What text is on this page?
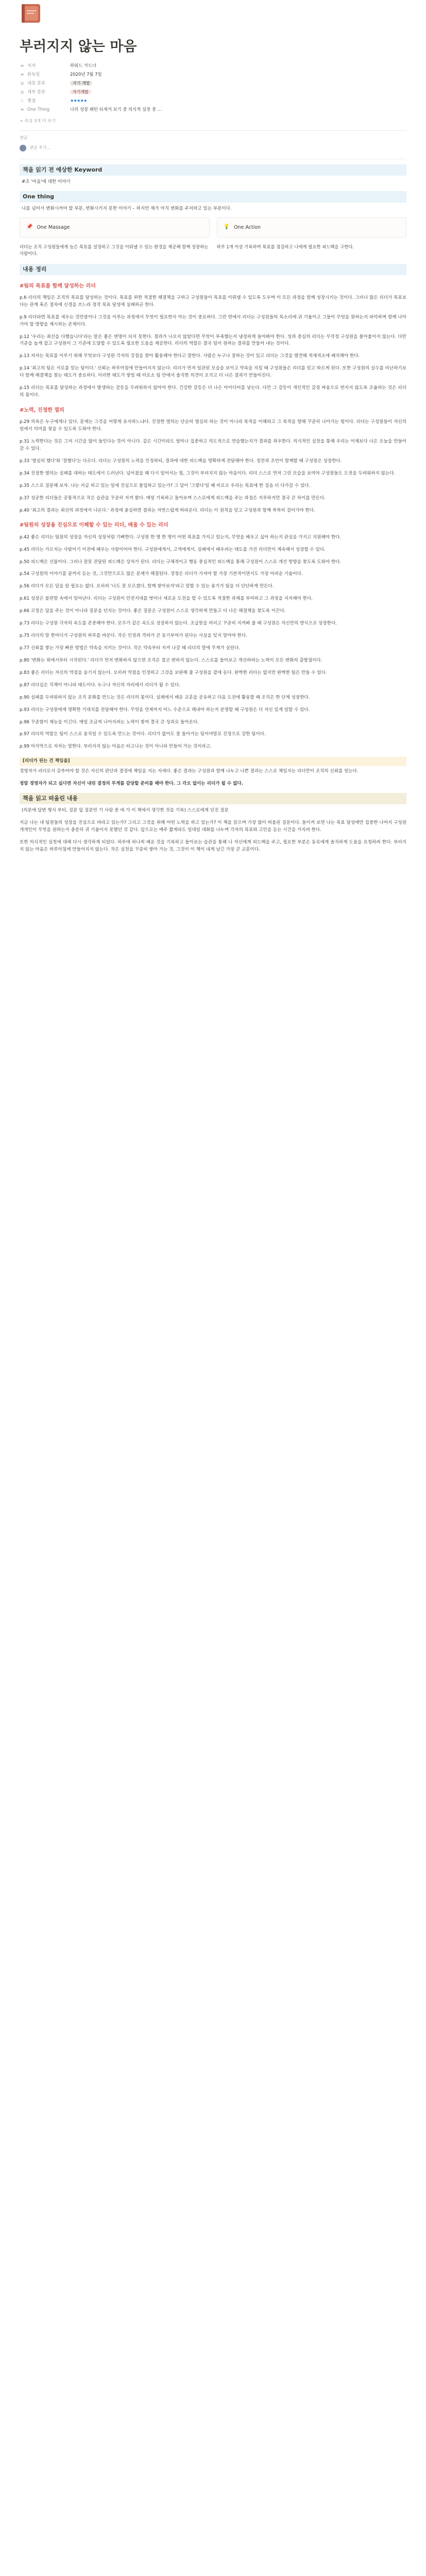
부러지지 않는 마음
≡ 저자	하워드 가드너
≡ 완독일	2020년 7월 7일
◎ 대표 분류	자기 계발
◎ 세부 분류	자기계발
☆ 별점	★★★★★
≡ One Thing	나의 성장 패턴 되새겨 보기 중 의식적 실천 중 ...
+ 속성 3개 더 보기
댓글
댓글 추가...
책을 읽기 전 예상한 Keyword
#조 '마음'에 대한 이야기
One thing
나를 넘어서 변화시켜야 할 부분, 변화시키지 못한 이야기 – 하지만 제가 아직 변화를 주저하고 있는 부분이다.
📌 One Massage	💡 One Action
리더는 조직 구성원들에게 높은 목표를 설정하고 그것을 이뤄낼 수 있는 환경을 제공해 함께 성장하는 사람이다.
하루 1개 이상 기록하며 목표를 점검하고 나에게 필요한 피드백을 구한다.
내용 정리
#팀의 목표를 함께 달성하는 리더

p.6 리더의 책임은 조직의 목표를 달성하는 것이다. 목표를 위한 적절한 해결책을 구하고 구성원들이 목표를 이뤄낼 수 있도록 도우며 이 모든 과정을 함께 성장시키는 것이다. 그러나 많은 리더가 목표보다는 관계 혹은 절차에 신경을 쓰느라 정작 목표 달성에 실패하곤 한다.

p.9 리더라면 목표를 세우는 것만큼이나 그것을 이루는 과정에서 무엇이 필요한지 아는 것이 중요하다. 그런 면에서 리더는 구성원들의 목소리에 귀 기울이고 그들이 무엇을 원하는지 파악하며 함께 나아가야 할 방향을 제시하는 존재이다.

p.12 '우리는 최선을 다했습니다'라는 말은 좋은 변명이 되지 못한다. 결과가 나오지 않았다면 무엇이 부족했는지 냉정하게 돌아봐야 한다. 성과 중심의 리더는 무작정 구성원을 몰아붙이지 않는다. 다만 기준을 높게 잡고 구성원이 그 기준에 도달할 수 있도록 필요한 도움을 제공한다. 리더의 역할은 결국 팀이 원하는 결과를 만들어 내는 것이다.

p.13 저자는 목표를 이루기 위해 무엇보다 구성원 각자의 강점을 찾아 활용해야 한다고 말한다. 사람은 누구나 잘하는 것이 있고 리더는 그것을 발견해 적재적소에 배치해야 한다.

p.14 '최고의 팀은 서로를 믿는 팀이다.' 신뢰는 하루아침에 만들어지지 않는다. 리더가 먼저 일관된 모습을 보이고 약속을 지킬 때 구성원들은 리더를 믿고 따르게 된다. 또한 구성원의 실수를 비난하기보다 함께 해결책을 찾는 태도가 중요하다. 이러한 태도가 쌓일 때 비로소 팀 안에서 솔직한 의견이 오가고 더 나은 결과가 만들어진다.

p.15 리더는 목표를 달성하는 과정에서 발생하는 갈등을 두려워하지 않아야 한다. 건강한 갈등은 더 나은 아이디어를 낳는다. 다만 그 갈등이 개인적인 감정 싸움으로 번지지 않도록 조율하는 것은 리더의 몫이다.

#노력, 진정한 열의

p.29 의욕은 누구에게나 있다. 문제는 그것을 어떻게 유지하느냐다. 진정한 열의는 단순히 열심히 하는 것이 아니라 목적을 이해하고 그 목적을 향해 꾸준히 나아가는 힘이다. 리더는 구성원들이 자신의 일에서 의미를 찾을 수 있도록 도와야 한다.

p.31 노력한다는 것은 그저 시간을 많이 들인다는 뜻이 아니다. 같은 시간이라도 얼마나 집중하고 의도적으로 연습했는지가 결과를 좌우한다. 의식적인 실천을 통해 우리는 어제보다 나은 오늘을 만들어 갈 수 있다.

p.33 '열심히 했다'와 '잘했다'는 다르다. 리더는 구성원의 노력을 인정하되, 결과에 대한 피드백을 명확하게 전달해야 한다. 칭찬과 조언이 함께할 때 구성원은 성장한다.

p.34 진정한 열의는 실패를 대하는 태도에서 드러난다. 넘어졌을 때 다시 일어서는 힘, 그것이 부러지지 않는 마음이다. 리더 스스로 먼저 그런 모습을 보여야 구성원들도 도전을 두려워하지 않는다.

p.35 스스로 질문해 보자. 나는 지금 하고 있는 일에 진심으로 몰입하고 있는가? 그 답이 '그렇다'일 때 비로소 우리는 목표에 한 걸음 더 다가갈 수 있다.

p.37 성공한 리더들은 공통적으로 작은 습관을 꾸준히 지켜 왔다. 매일 기록하고 돌아보며 스스로에게 피드백을 주는 과정은 지루하지만 결국 큰 차이를 만든다.

p.40 '최고의 결과는 최선의 과정에서 나온다.' 과정에 충실하면 결과는 자연스럽게 따라온다. 리더는 이 원칙을 믿고 구성원과 함께 묵묵히 걸어가야 한다.

#팀원의 성장을 진심으로 이해할 수 있는 리더, 배울 수 있는 리더

p.42 좋은 리더는 팀원의 성장을 자신의 성장처럼 기뻐한다. 구성원 한 명 한 명이 어떤 목표를 가지고 있는지, 무엇을 배우고 싶어 하는지 관심을 가지고 지원해야 한다.

p.45 리더는 가르치는 사람이기 이전에 배우는 사람이어야 한다. 구성원에게서, 고객에게서, 실패에서 배우려는 태도를 가진 리더만이 계속해서 성장할 수 있다.

p.50 피드백은 선물이다. 그러나 잘못 전달된 피드백은 상처가 된다. 리더는 구체적이고 행동 중심적인 피드백을 통해 구성원이 스스로 개선 방향을 찾도록 도와야 한다.

p.54 구성원의 이야기를 끝까지 듣는 것, 그것만으로도 많은 문제가 해결된다. 경청은 리더가 가져야 할 가장 기본적이면서도 가장 어려운 기술이다.

p.56 리더가 모든 답을 알 필요는 없다. 오히려 '나도 잘 모르겠다, 함께 찾아보자'라고 말할 수 있는 용기가 팀을 더 단단하게 만든다.

p.61 성장은 불편함 속에서 일어난다. 리더는 구성원이 안전지대를 벗어나 새로운 도전을 할 수 있도록 적절한 과제를 부여하고 그 과정을 지지해야 한다.

p.66 코칭은 답을 주는 것이 아니라 질문을 던지는 것이다. 좋은 질문은 구성원이 스스로 생각하게 만들고 더 나은 해결책을 찾도록 이끈다.

p.73 리더는 구성원 각자의 속도를 존중해야 한다. 모두가 같은 속도로 성장하지 않는다. 조급함을 버리고 꾸준히 지켜봐 줄 때 구성원은 자신만의 방식으로 성장한다.

p.75 리더의 말 한마디가 구성원의 하루를 바꾼다. 작은 인정과 격려가 큰 동기부여가 된다는 사실을 잊지 말아야 한다.

p.77 신뢰를 쌓는 가장 빠른 방법은 약속을 지키는 것이다. 작은 약속부터 지켜 나갈 때 리더의 말에 무게가 실린다.

p.80 '변화는 위에서부터 시작된다.' 리더가 먼저 변화하지 않으면 조직은 결코 변하지 않는다. 스스로를 돌아보고 개선하려는 노력이 모든 변화의 출발점이다.

p.83 좋은 리더는 자신의 약점을 숨기지 않는다. 오히려 약점을 인정하고 그것을 보완해 줄 구성원을 곁에 둔다. 완벽한 리더는 없지만 완벽한 팀은 만들 수 있다.

p.87 리더십은 직책이 아니라 태도이다. 누구나 자신의 자리에서 리더가 될 수 있다.

p.90 실패를 두려워하지 않는 조직 문화를 만드는 것은 리더의 몫이다. 실패에서 배운 교훈을 공유하고 다음 도전에 활용할 때 조직은 한 단계 성장한다.

p.93 리더는 구성원에게 명확한 기대치를 전달해야 한다. 무엇을 언제까지 어느 수준으로 해내야 하는지 분명할 때 구성원은 더 자신 있게 일할 수 있다.

p.96 꾸준함이 재능을 이긴다. 매일 조금씩 나아지려는 노력이 쌓여 결국 큰 성과로 돌아온다.

p.97 리더의 역할은 팀이 스스로 움직일 수 있도록 만드는 것이다. 리더가 없어도 잘 돌아가는 팀이야말로 진정으로 강한 팀이다.

p.99 마지막으로 저자는 말한다. 부러지지 않는 마음은 타고나는 것이 아니라 만들어 가는 것이라고.

[리더가 된는 건 책임을]

경영자가 리더로서 갖추어야 할 것은 자신의 판단과 결정에 책임을 지는 자세다. 좋은 결과는 구성원과 함께 나누고 나쁜 결과는 스스로 책임지는 리더만이 조직의 신뢰를 얻는다.

정말 경영자가 되고 싶다면 자신이 내린 결정의 무게를 감당할 준비를 해야 한다. 그 각오 없이는 리더가 될 수 없다.

책을 읽고 떠올린 내용
(의문에 답변 형식 부터, 질문 앞 질문만 기 사람 중 에 가 이 책에서 생각한 것을 기록) 스스로에게 던진 질문

지금 나는 내 팀원들의 성장을 진심으로 바라고 있는가? 그리고 그것을 위해 어떤 노력을 하고 있는가? 이 책을 읽으며 가장 많이 떠올린 질문이다. 돌이켜 보면 나는 목표 달성에만 집중한 나머지 구성원 개개인이 무엇을 원하는지 충분히 귀 기울이지 못했던 것 같다. 앞으로는 매주 짧게라도 일대일 대화를 나누며 각자의 목표와 고민을 듣는 시간을 가지려 한다.

또한 의식적인 실천에 대해 다시 생각하게 되었다. 하루에 하나씩 배운 것을 기록하고 돌아보는 습관을 통해 나 자신에게 피드백을 주고, 필요한 부분은 동료에게 솔직하게 도움을 요청하려 한다. 부러지지 않는 마음은 하루아침에 만들어지지 않는다. 작은 실천을 꾸준히 쌓아 가는 것, 그것이 이 책이 내게 남긴 가장 큰 교훈이다.
